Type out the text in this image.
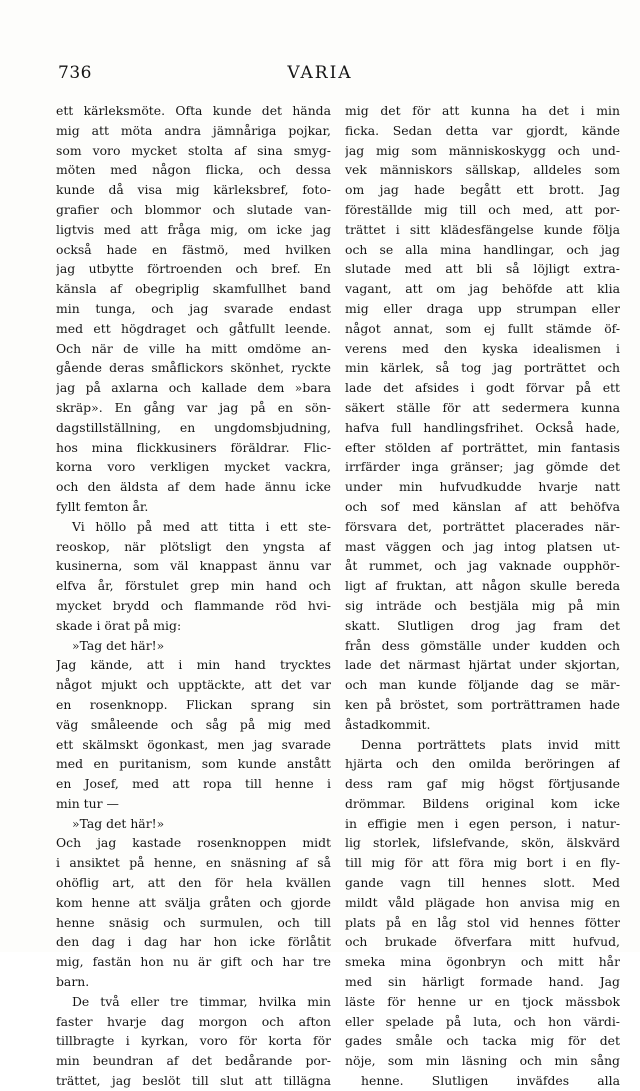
736	VARIA
ett kärleksmöte. Ofta kunde det hända
mig att möta andra jämnåriga pojkar,
som voro mycket stolta af sina smyg-
möten med någon flicka, och dessa
kunde då visa mig kärleksbref, foto-
grafier och blommor och slutade van-
ligtvis med att fråga mig, om icke jag
också hade en fästmö, med hvilken
jag utbytte förtroenden och bref. En
känsla af obegriplig skamfullhet band
min tunga, och jag svarade endast
med ett högdraget och gåtfullt leende.
Och när de ville ha mitt omdöme an-
gående deras småflickors skönhet, ryckte
jag på axlarna och kallade dem »bara
skräp». En gång var jag på en sön-
dagstillställning, en ungdomsbjudning,
hos mina flickkusiners föräldrar. Flic-
korna voro verkligen mycket vackra,
och den äldsta af dem hade ännu icke
fyllt femton år.
Vi höllo på med att titta i ett ste-
reoskop, när plötsligt den yngsta af
kusinerna, som väl knappast ännu var
elfva år, förstulet grep min hand och
mycket brydd och flammande röd hvi-
skade i örat på mig:
»Tag det här!»
Jag kände, att i min hand trycktes
något mjukt och upptäckte, att det var
en rosenknopp. Flickan sprang sin
väg småleende och såg på mig med
ett skälmskt ögonkast, men jag svarade
med en puritanism, som kunde anstått
en Josef, med att ropa till henne i
min tur —
»Tag det här!»
Och jag kastade rosenknoppen midt
i ansiktet på henne, en snäsning af så
ohöflig art, att den för hela kvällen
kom henne att svälja gråten och gjorde
henne snäsig och surmulen, och till
den dag i dag har hon icke förlåtit
mig, fastän hon nu är gift och har tre
barn.
De två eller tre timmar, hvilka min
faster hvarje dag morgon och afton
tillbragte i kyrkan, voro för korta för
min beundran af det bedårande por-
trättet, jag beslöt till slut att tillägna
mig det för att kunna ha det i min
ficka. Sedan detta var gjordt, kände
jag mig som människoskygg och und-
vek människors sällskap, alldeles som
om jag hade begått ett brott. Jag
föreställde mig till och med, att por-
trättet i sitt klädesfängelse kunde följa
och se alla mina handlingar, och jag
slutade med att bli så löjligt extra-
vagant, att om jag behöfde att klia
mig eller draga upp strumpan eller
något annat, som ej fullt stämde öf-
verens med den kyska idealismen i
min kärlek, så tog jag porträttet och
lade det afsides i godt förvar på ett
säkert ställe för att sedermera kunna
hafva full handlingsfrihet. Också hade,
efter stölden af porträttet, min fantasis
irrfärder inga gränser; jag gömde det
under min hufvudkudde hvarje natt
och sof med känslan af att behöfva
försvara det, porträttet placerades när-
mast väggen och jag intog platsen ut-
åt rummet, och jag vaknade oupphör-
ligt af fruktan, att någon skulle bereda
sig inträde och bestjäla mig på min
skatt. Slutligen drog jag fram det
från dess gömställe under kudden och
lade det närmast hjärtat under skjortan,
och man kunde följande dag se mär-
ken på bröstet, som porträttramen hade
åstadkommit.
Denna porträttets plats invid mitt
hjärta och den omilda beröringen af
dess ram gaf mig högst förtjusande
drömmar. Bildens original kom icke
in effigie men i egen person, i natur-
lig storlek, lifslefvande, skön, älskvärd
till mig för att föra mig bort i en fly-
gande vagn till hennes slott. Med
mildt våld plägade hon anvisa mig en
plats på en låg stol vid hennes fötter
och brukade öfverfara mitt hufvud,
smeka mina ögonbryn och mitt hår
med sin härligt formade hand. Jag
läste för henne ur en tjock mässbok
eller spelade på luta, och hon värdi-
gades småle och tacka mig för det
nöje, som min läsning och min sång
henne. Slutligen inväfdes alla
